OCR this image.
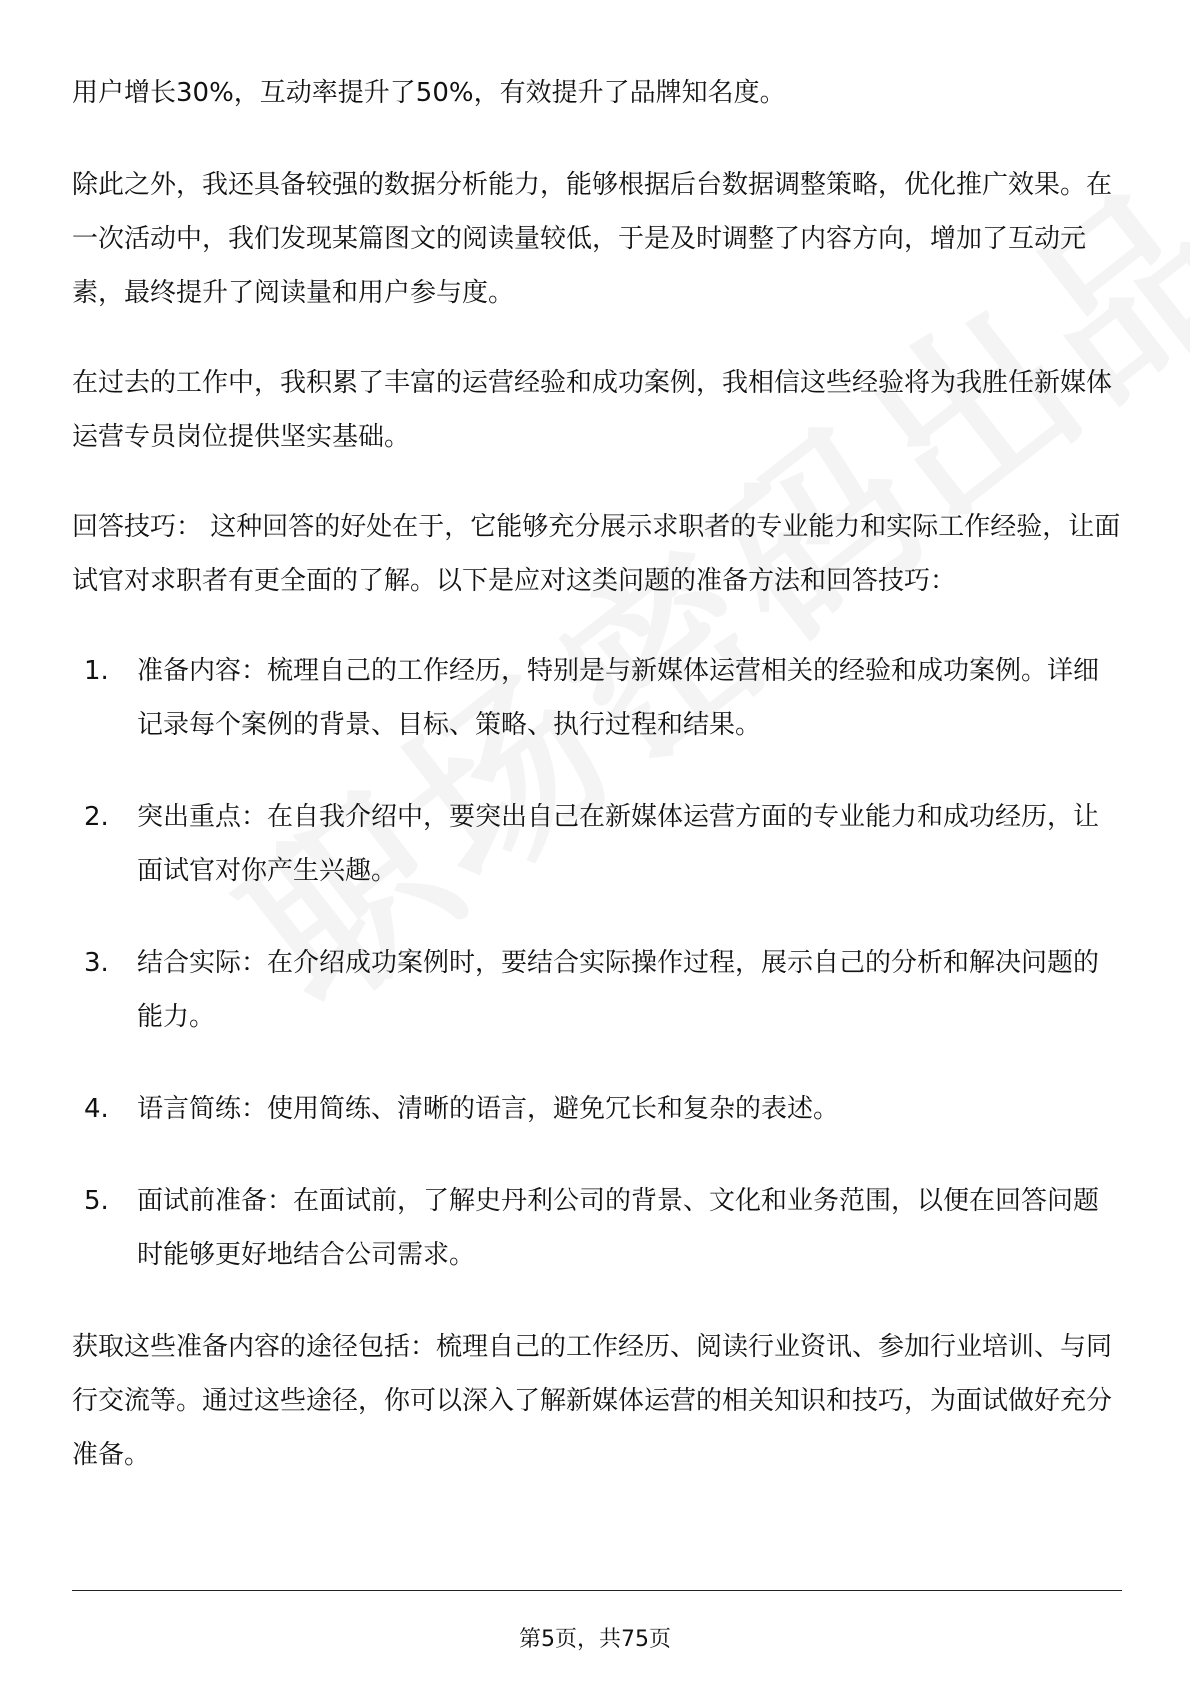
用户增长30%，互动率提升了50%，有效提升了品牌知名度。

除此之外，我还具备较强的数据分析能力，能够根据后台数据调整策略，优化推广效果。在一次活动中，我们发现某篇图文的阅读量较低，于是及时调整了内容方向，增加了互动元素，最终提升了阅读量和用户参与度。

在过去的工作中，我积累了丰富的运营经验和成功案例，我相信这些经验将为我胜任新媒体运营专员岗位提供坚实基础。

回答技巧： 这种回答的好处在于，它能够充分展示求职者的专业能力和实际工作经验，让面试官对求职者有更全面的了解。以下是应对这类问题的准备方法和回答技巧：

1.	准备内容：梳理自己的工作经历，特别是与新媒体运营相关的经验和成功案例。详细记录每个案例的背景、目标、策略、执行过程和结果。
2.	突出重点：在自我介绍中，要突出自己在新媒体运营方面的专业能力和成功经历，让面试官对你产生兴趣。
3.	结合实际：在介绍成功案例时，要结合实际操作过程，展示自己的分析和解决问题的能力。
4.	语言简练：使用简练、清晰的语言，避免冗长和复杂的表述。
5.	面试前准备：在面试前，了解史丹利公司的背景、文化和业务范围，以便在回答问题时能够更好地结合公司需求。

获取这些准备内容的途径包括：梳理自己的工作经历、阅读行业资讯、参加行业培训、与同行交流等。通过这些途径，你可以深入了解新媒体运营的相关知识和技巧，为面试做好充分准备。

第5页，共75页
